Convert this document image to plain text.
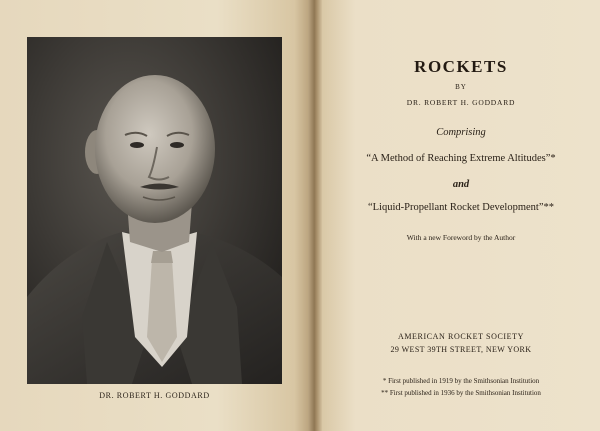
DR. ROBERT H. GODDARD
ROCKETS
BY
DR. ROBERT H. GODDARD
Comprising
“A Method of Reaching Extreme Altitudes”*
and
“Liquid-Propellant Rocket Development”**
With a new Foreword by the Author
AMERICAN ROCKET SOCIETY
29 WEST 39TH STREET, NEW YORK
* First published in 1919 by the Smithsonian Institution
** First published in 1936 by the Smithsonian Institution
